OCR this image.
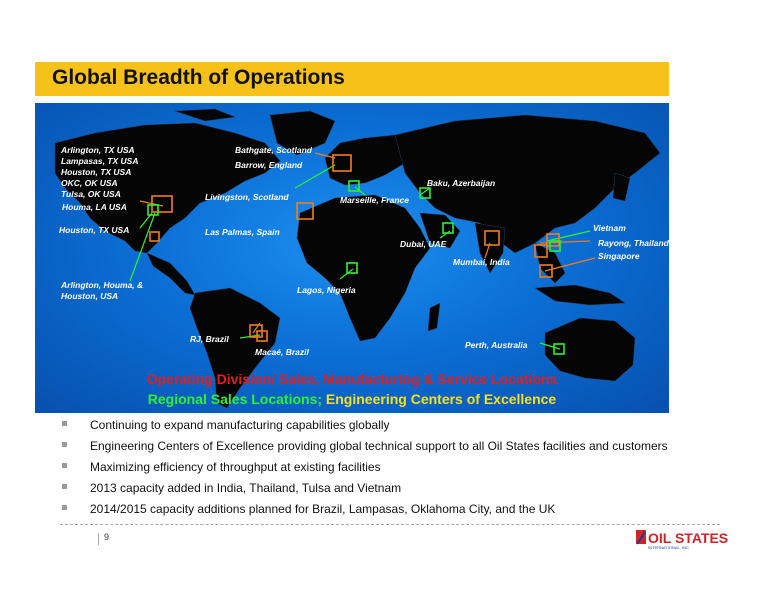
Global Breadth of Operations
Arlington, TX USA
Lampasas, TX USA
Houston, TX USA
OKC, OK USA
Tulsa, OK USA
Houma, LA USA
Houston, TX USA
Arlington, Houma, &
Houston, USA
Bathgate, Scotland
Barrow, England
Livingston, Scotland	Marseille, France
Baku, Azerbaijan
Las Palmas, Spain
Dubai, UAE
Mumbai, India
Vietnam
Rayong, Thailand
Singapore
Lagos, Nigeria
RJ, Brazil
Macaé, Brazil
Perth, Australia
Operating Division/ Sales, Manufacturing & Service Locations
Regional Sales Locations; Engineering Centers of Excellence
Continuing to expand manufacturing capabilities globally
Engineering Centers of Excellence providing global technical support to all Oil States facilities and customers
Maximizing efficiency of throughput at existing facilities
2013 capacity added in India, Thailand, Tulsa and Vietnam
2014/2015 capacity additions planned for Brazil, Lampasas, Oklahoma City, and the UK
9	OIL STATES
INTERNATIONAL, INC.
